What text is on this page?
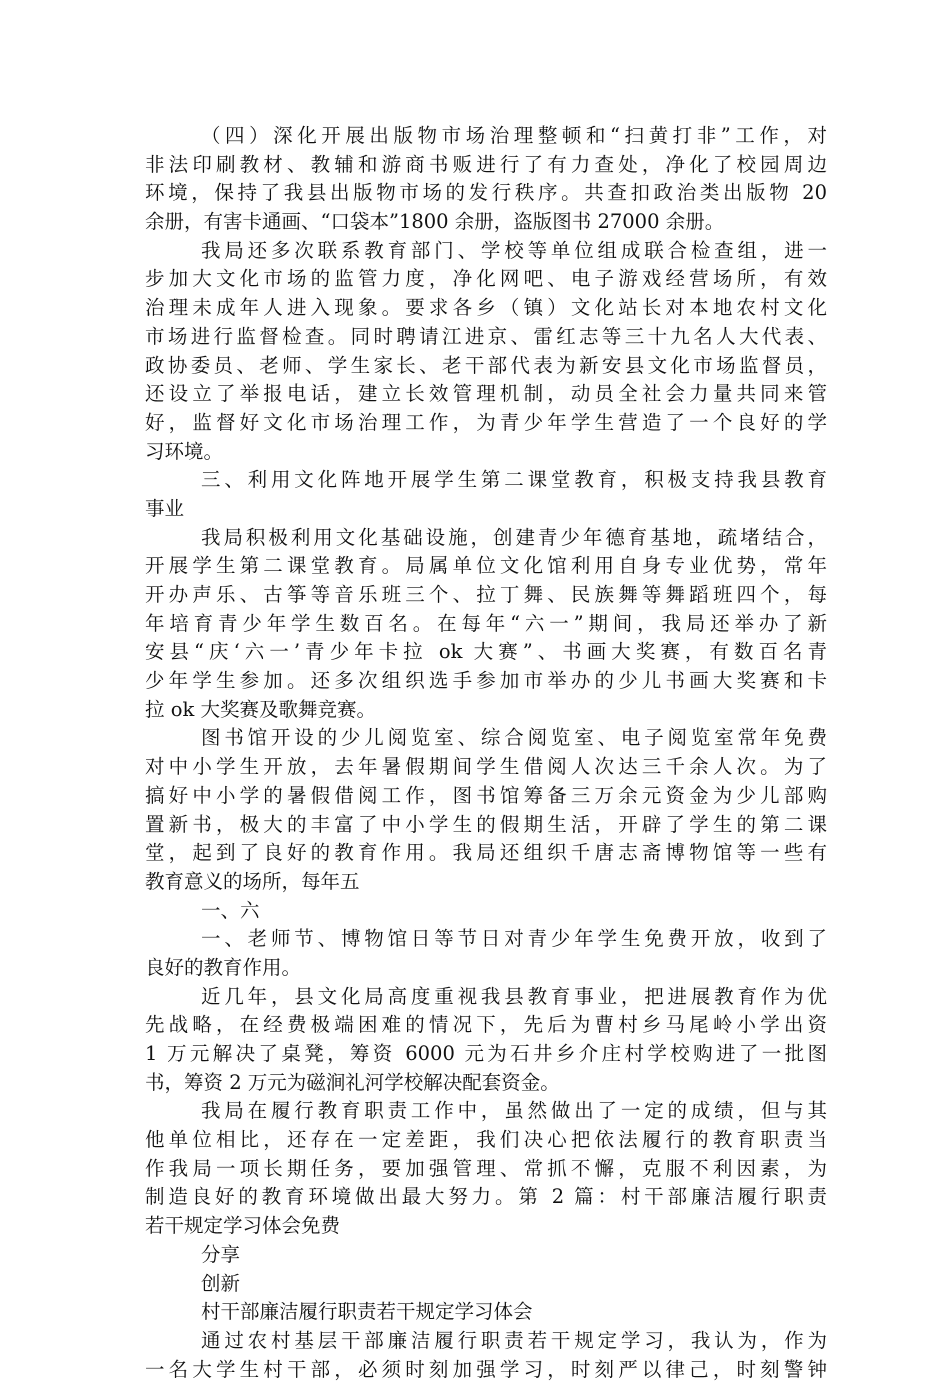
（四）深化开展出版物市场治理整顿和“扫黄打非”工作，对
非法印刷教材、教辅和游商书贩进行了有力查处，净化了校园周边
环境，保持了我县出版物市场的发行秩序。共查扣政治类出版物 20
余册，有害卡通画、“口袋本”1800 余册，盗版图书 27000 余册。
我局还多次联系教育部门、学校等单位组成联合检查组，进一
步加大文化市场的监管力度，净化网吧、电子游戏经营场所，有效
治理未成年人进入现象。要求各乡（镇）文化站长对本地农村文化
市场进行监督检查。同时聘请江进京、雷红志等三十九名人大代表、
政协委员、老师、学生家长、老干部代表为新安县文化市场监督员，
还设立了举报电话，建立长效管理机制，动员全社会力量共同来管
好，监督好文化市场治理工作，为青少年学生营造了一个良好的学
习环境。
三、利用文化阵地开展学生第二课堂教育，积极支持我县教育
事业
我局积极利用文化基础设施，创建青少年德育基地，疏堵结合，
开展学生第二课堂教育。局属单位文化馆利用自身专业优势，常年
开办声乐、古筝等音乐班三个、拉丁舞、民族舞等舞蹈班四个，每
年培育青少年学生数百名。在每年“六一”期间，我局还举办了新
安县“庆‘六一’青少年卡拉 ok 大赛”、书画大奖赛，有数百名青
少年学生参加。还多次组织选手参加市举办的少儿书画大奖赛和卡
拉 ok 大奖赛及歌舞竞赛。
图书馆开设的少儿阅览室、综合阅览室、电子阅览室常年免费
对中小学生开放，去年暑假期间学生借阅人次达三千余人次。为了
搞好中小学的暑假借阅工作，图书馆筹备三万余元资金为少儿部购
置新书，极大的丰富了中小学生的假期生活，开辟了学生的第二课
堂，起到了良好的教育作用。我局还组织千唐志斋博物馆等一些有
教育意义的场所，每年五
一、六
一、老师节、博物馆日等节日对青少年学生免费开放，收到了
良好的教育作用。
近几年，县文化局高度重视我县教育事业，把进展教育作为优
先战略，在经费极端困难的情况下，先后为曹村乡马尾岭小学出资
1 万元解决了桌凳，筹资 6000 元为石井乡介庄村学校购进了一批图
书，筹资 2 万元为磁涧礼河学校解决配套资金。
我局在履行教育职责工作中，虽然做出了一定的成绩，但与其
他单位相比，还存在一定差距，我们决心把依法履行的教育职责当
作我局一项长期任务，要加强管理、常抓不懈，克服不利因素，为
制造良好的教育环境做出最大努力。第 2 篇：村干部廉洁履行职责
若干规定学习体会免费
分享
创新
村干部廉洁履行职责若干规定学习体会
通过农村基层干部廉洁履行职责若干规定学习，我认为，作为
一名大学生村干部，必须时刻加强学习，时刻严以律己，时刻警钟
